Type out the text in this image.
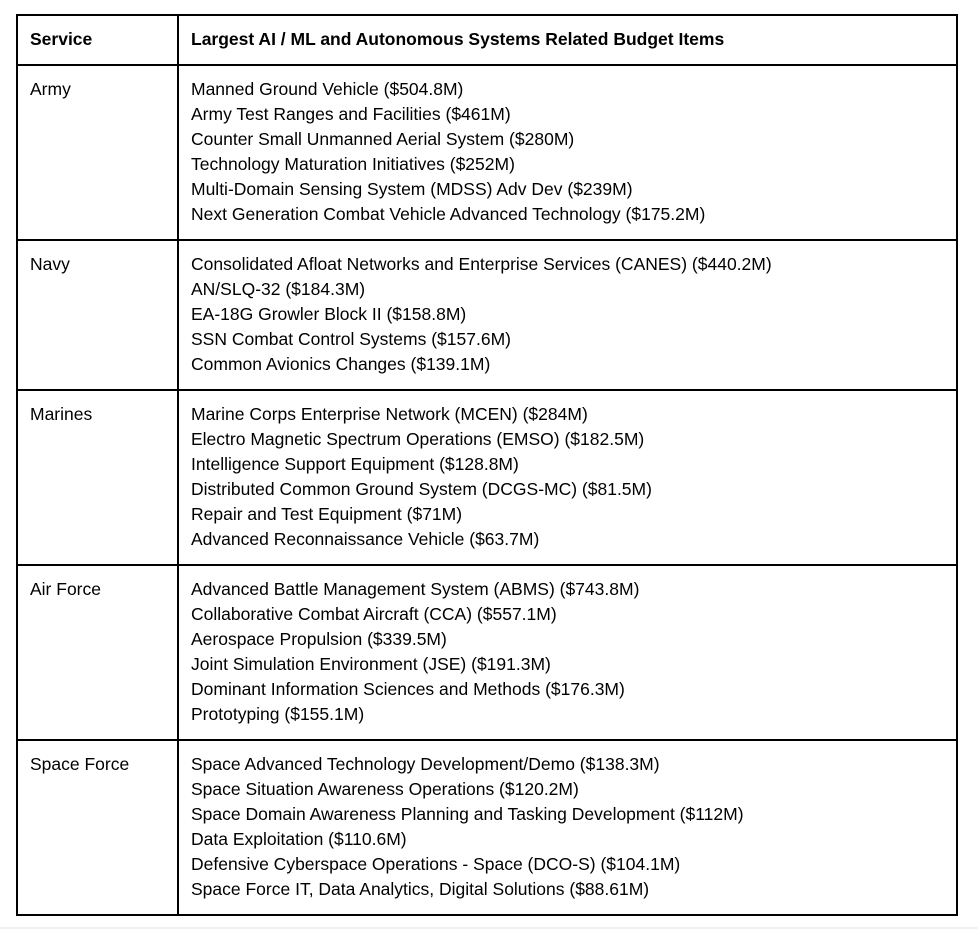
Service	Largest AI / ML and Autonomous Systems Related Budget Items
Army	Manned Ground Vehicle ($504.8M)
Army Test Ranges and Facilities ($461M)
Counter Small Unmanned Aerial System ($280M)
Technology Maturation Initiatives ($252M)
Multi-Domain Sensing System (MDSS) Adv Dev ($239M)
Next Generation Combat Vehicle Advanced Technology ($175.2M)

Navy	Consolidated Afloat Networks and Enterprise Services (CANES) ($440.2M)
AN/SLQ-32 ($184.3M)
EA-18G Growler Block II ($158.8M)
SSN Combat Control Systems ($157.6M)
Common Avionics Changes ($139.1M)

Marines	Marine Corps Enterprise Network (MCEN) ($284M)
Electro Magnetic Spectrum Operations (EMSO) ($182.5M)
Intelligence Support Equipment ($128.8M)
Distributed Common Ground System (DCGS-MC) ($81.5M)
Repair and Test Equipment ($71M)
Advanced Reconnaissance Vehicle ($63.7M)

Air Force	Advanced Battle Management System (ABMS) ($743.8M)
Collaborative Combat Aircraft (CCA) ($557.1M)
Aerospace Propulsion ($339.5M)
Joint Simulation Environment (JSE) ($191.3M)
Dominant Information Sciences and Methods ($176.3M)
Prototyping ($155.1M)

Space Force	Space Advanced Technology Development/Demo ($138.3M)
Space Situation Awareness Operations ($120.2M)
Space Domain Awareness Planning and Tasking Development ($112M)
Data Exploitation ($110.6M)
Defensive Cyberspace Operations - Space (DCO-S) ($104.1M)
Space Force IT, Data Analytics, Digital Solutions ($88.61M)
